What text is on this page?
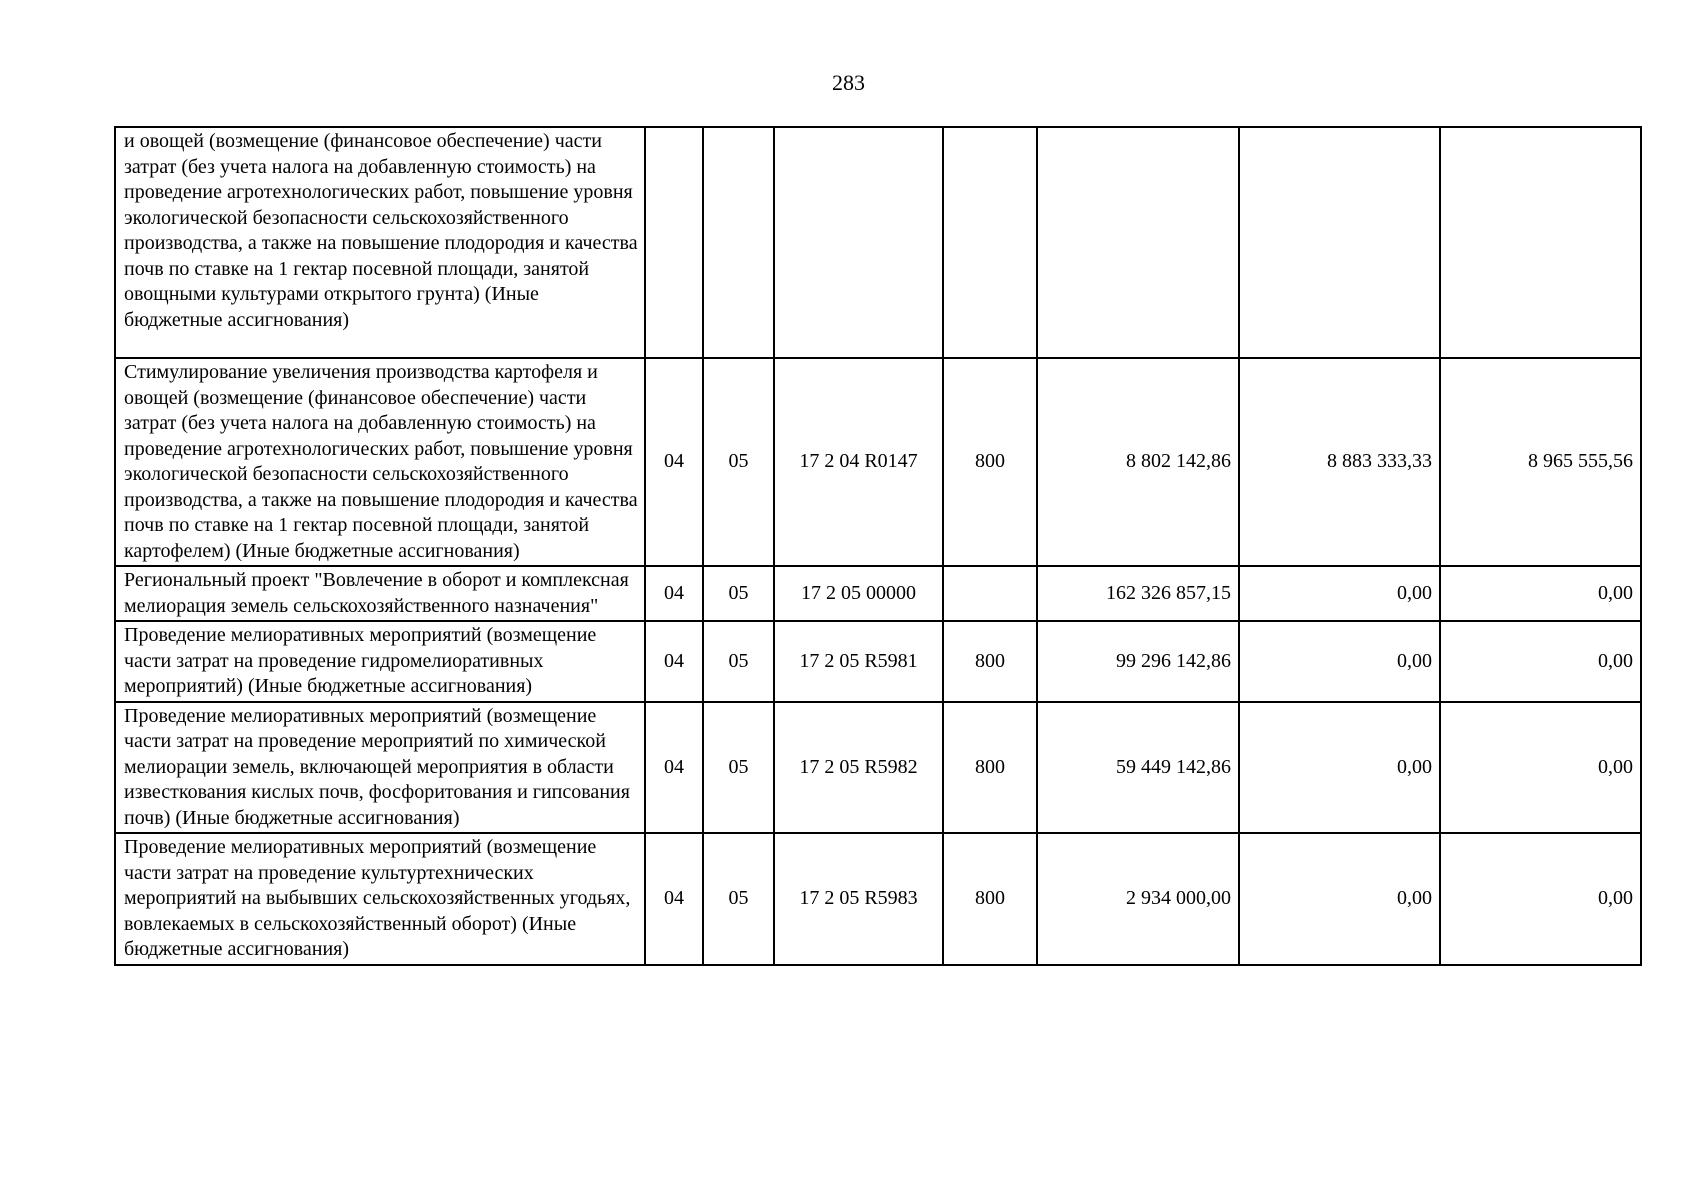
283
и овощей (возмещение (финансовое обеспечение) части затрат (без учета налога на добавленную стоимость) на проведение агротехнологических работ, повышение уровня экологической безопасности сельскохозяйственного производства, а также на повышение плодородия и качества почв по ставке на 1 гектар посевной площади, занятой овощными культурами открытого грунта) (Иные бюджетные ассигнования)							
Стимулирование увеличения производства картофеля и овощей (возмещение (финансовое обеспечение) части затрат (без учета налога на добавленную стоимость) на проведение агротехнологических работ, повышение уровня экологической безопасности сельскохозяйственного производства, а также на повышение плодородия и качества почв по ставке на 1 гектар посевной площади, занятой картофелем) (Иные бюджетные ассигнования)	04	05	17 2 04 R0147	800	8 802 142,86	8 883 333,33	8 965 555,56
Региональный проект "Вовлечение в оборот и комплексная мелиорация земель сельскохозяйственного назначения"	04	05	17 2 05 00000		162 326 857,15	0,00	0,00
Проведение мелиоративных мероприятий (возмещение части затрат на проведение гидромелиоративных мероприятий) (Иные бюджетные ассигнования)	04	05	17 2 05 R5981	800	99 296 142,86	0,00	0,00
Проведение мелиоративных мероприятий (возмещение части затрат на проведение мероприятий по химической мелиорации земель, включающей мероприятия в области известкования кислых почв, фосфоритования и гипсования почв) (Иные бюджетные ассигнования)	04	05	17 2 05 R5982	800	59 449 142,86	0,00	0,00
Проведение мелиоративных мероприятий (возмещение части затрат на проведение культуртехнических мероприятий на выбывших сельскохозяйственных угодьях, вовлекаемых в сельскохозяйственный оборот) (Иные бюджетные ассигнования)	04	05	17 2 05 R5983	800	2 934 000,00	0,00	0,00
